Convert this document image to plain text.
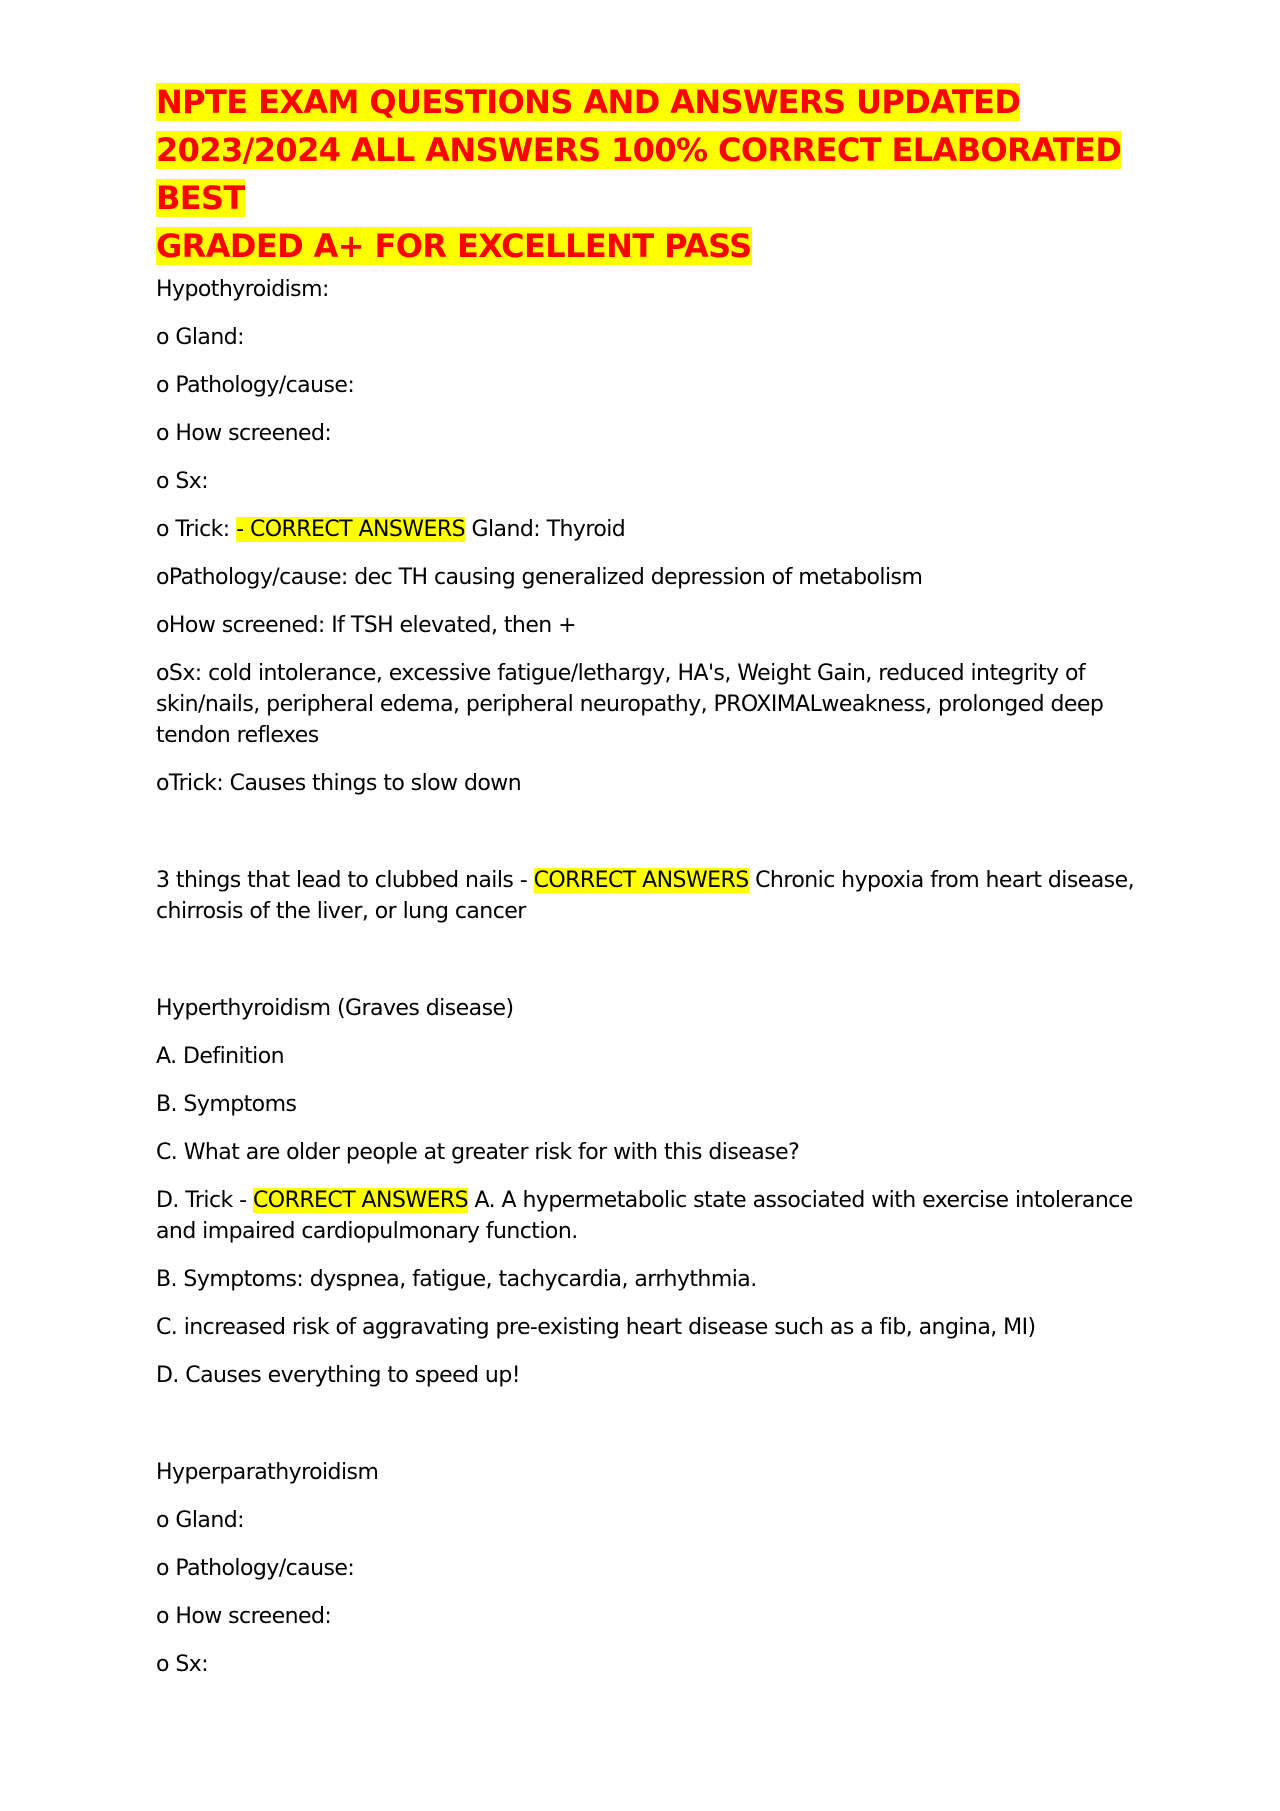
NPTE EXAM QUESTIONS AND ANSWERS UPDATED
2023/2024 ALL ANSWERS 100% CORRECT ELABORATED BEST
GRADED A+ FOR EXCELLENT PASS

Hypothyroidism:

o Gland:

o Pathology/cause:

o How screened:

o Sx:

o Trick: - CORRECT ANSWERS Gland: Thyroid

oPathology/cause: dec TH causing generalized depression of metabolism

oHow screened: If TSH elevated, then +

oSx: cold intolerance, excessive fatigue/lethargy, HA's, Weight Gain, reduced integrity of skin/nails, peripheral edema, peripheral neuropathy, PROXIMALweakness, prolonged deep tendon reflexes

oTrick: Causes things to slow down

3 things that lead to clubbed nails - CORRECT ANSWERS Chronic hypoxia from heart disease, chirrosis of the liver, or lung cancer

Hyperthyroidism (Graves disease)

A. Definition

B. Symptoms

C. What are older people at greater risk for with this disease?

D. Trick - CORRECT ANSWERS A. A hypermetabolic state associated with exercise intolerance and impaired cardiopulmonary function.

B. Symptoms: dyspnea, fatigue, tachycardia, arrhythmia.

C. increased risk of aggravating pre-existing heart disease such as a fib, angina, MI)

D. Causes everything to speed up!

Hyperparathyroidism

o Gland:

o Pathology/cause:

o How screened:

o Sx:
